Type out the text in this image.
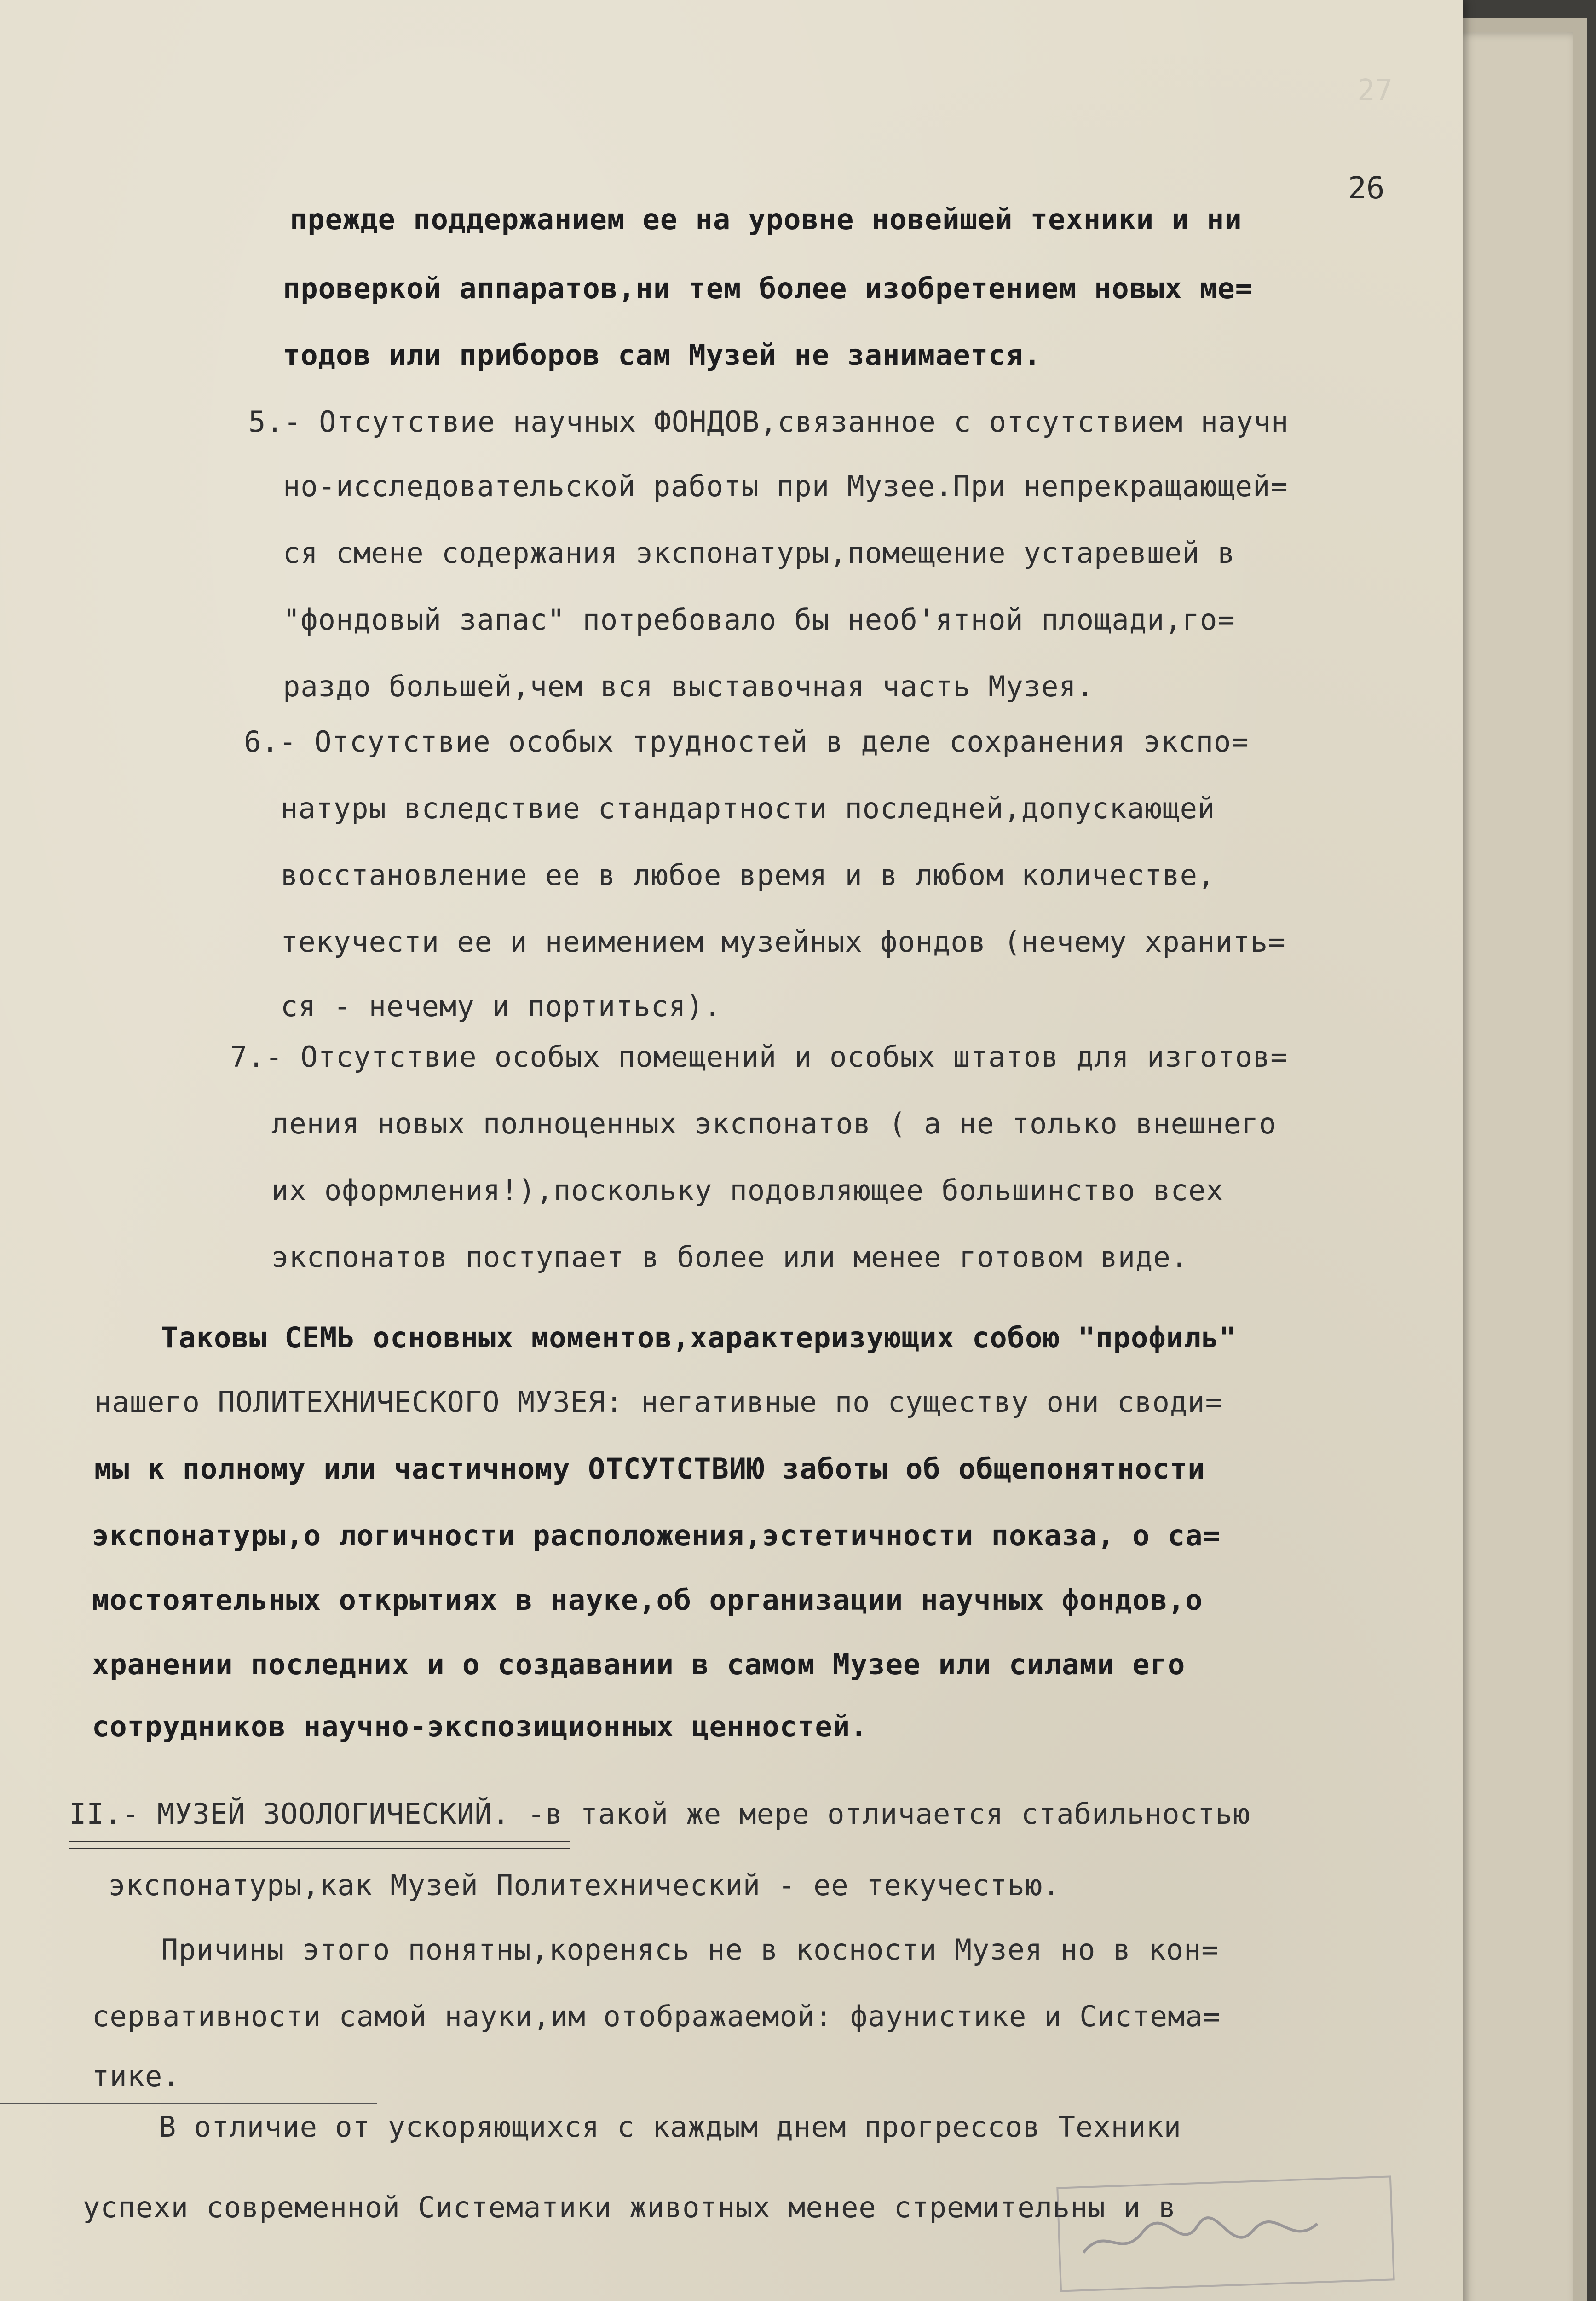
27
26
прежде поддержанием ее на уровне новейшей техники и ни
проверкой аппаратов,ни тем более изобретением новых ме=
тодов или приборов сам Музей не занимается.
5.- Отсутствие научных ФОНДОВ,связанное с отсутствием научн
но-исследовательской работы при Музее.При непрекращающей=
ся смене содержания экспонатуры,помещение устаревшей в
"фондовый запас" потребовало бы необ'ятной площади,го=
раздо большей,чем вся выставочная часть Музея.
6.- Отсутствие особых трудностей в деле сохранения экспо=
натуры вследствие стандартности последней,допускающей
восстановление ее в любое время и в любом количестве,
текучести ее и неимением музейных фондов (нечему хранить=
ся - нечему и портиться).
7.- Отсутствие особых помещений и особых штатов для изготов=
ления новых полноценных экспонатов ( а не только внешнего
их оформления!),поскольку подовляющее большинство всех
экспонатов поступает в более или менее готовом виде.
Таковы СЕМЬ основных моментов,характеризующих собою "профиль"
нашего ПОЛИТЕХНИЧЕСКОГО МУЗЕЯ: негативные по существу они своди=
мы к полному или частичному ОТСУТСТВИЮ заботы об общепонятности
экспонатуры,о логичности расположения,эстетичности показа, о са=
мостоятельных открытиях в науке,об организации научных фондов,о
хранении последних и о создавании в самом Музее или силами его
сотрудников научно-экспозиционных ценностей.
II.- МУЗЕЙ ЗООЛОГИЧЕСКИЙ. -в такой же мере отличается стабильностью
экспонатуры,как Музей Политехнический - ее текучестью.
Причины этого понятны,коренясь не в косности Музея но в кон=
сервативности самой науки,им отображаемой: фаунистике и Система=
тике.
В отличие от ускоряющихся с каждым днем прогрессов Техники
успехи современной Систематики животных менее стремительны и в
